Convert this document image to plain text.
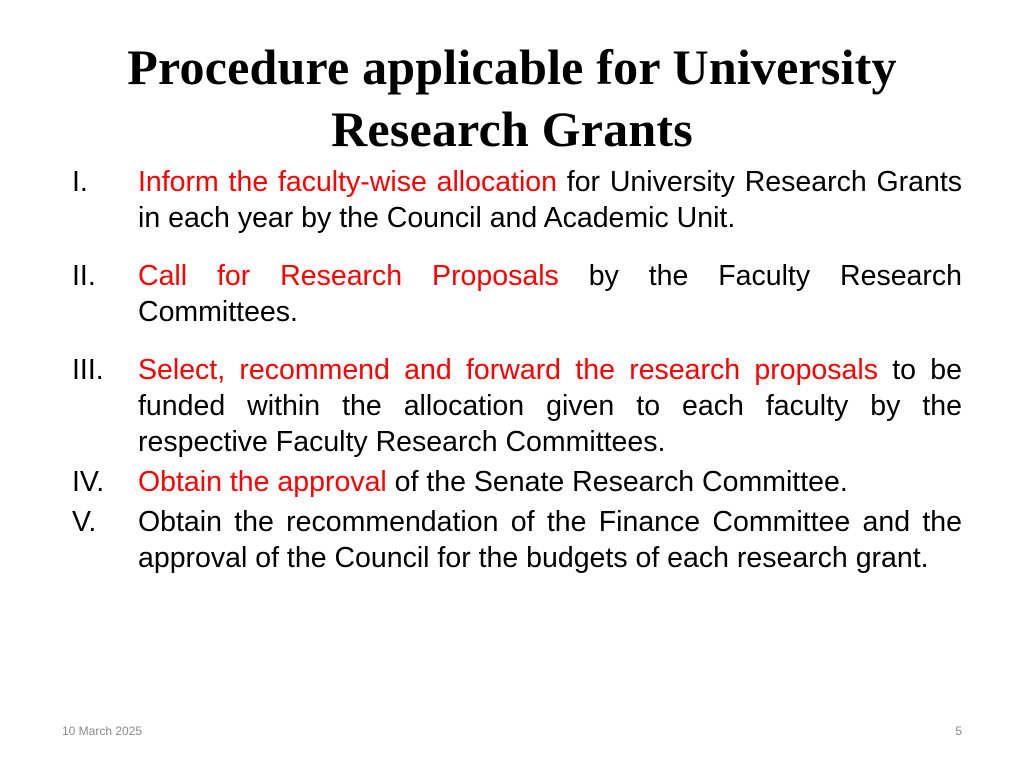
Procedure applicable for University
Research Grants
I.	Inform the faculty-wise allocation for University Research Grants in each year by the Council and Academic Unit.
II.	Call for Research Proposals by the Faculty Research Committees.
III.	Select, recommend and forward the research proposals to be funded within the allocation given to each faculty by the respective Faculty Research Committees.
IV.	Obtain the approval of the Senate Research Committee.
V.	Obtain the recommendation of the Finance Committee and the approval of the Council for the budgets of each research grant.
10 March 2025	5
